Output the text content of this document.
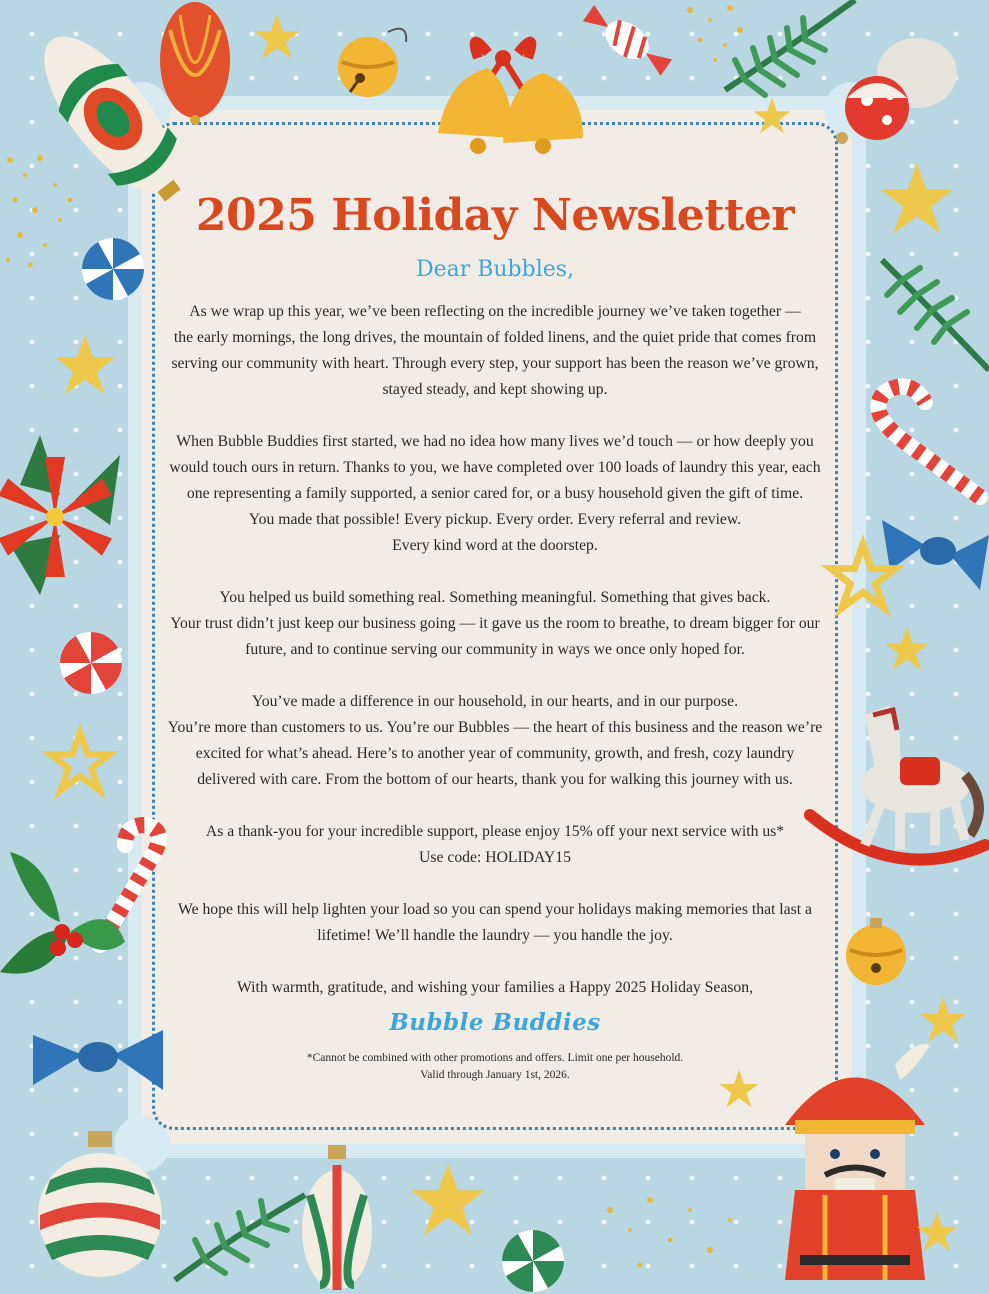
2025 Holiday Newsletter
Dear Bubbles,
As we wrap up this year, we’ve been reflecting on the incredible journey we’ve taken together —
the early mornings, the long drives, the mountain of folded linens, and the quiet pride that comes from
serving our community with heart. Through every step, your support has been the reason we’ve grown,
stayed steady, and kept showing up.
When Bubble Buddies first started, we had no idea how many lives we’d touch — or how deeply you
would touch ours in return. Thanks to you, we have completed over 100 loads of laundry this year, each
one representing a family supported, a senior cared for, or a busy household given the gift of time.
You made that possible! Every pickup. Every order. Every referral and review.
Every kind word at the doorstep.
You helped us build something real. Something meaningful. Something that gives back.
Your trust didn’t just keep our business going — it gave us the room to breathe, to dream bigger for our
future, and to continue serving our community in ways we once only hoped for.
You’ve made a difference in our household, in our hearts, and in our purpose.
You’re more than customers to us. You’re our Bubbles — the heart of this business and the reason we’re
excited for what’s ahead. Here’s to another year of community, growth, and fresh, cozy laundry
delivered with care. From the bottom of our hearts, thank you for walking this journey with us.
As a thank-you for your incredible support, please enjoy 15% off your next service with us*
Use code: HOLIDAY15
We hope this will help lighten your load so you can spend your holidays making memories that last a
lifetime! We’ll handle the laundry — you handle the joy.
With warmth, gratitude, and wishing your families a Happy 2025 Holiday Season,
Bubble Buddies
*Cannot be combined with other promotions and offers. Limit one per household.
Valid through January 1st, 2026.
